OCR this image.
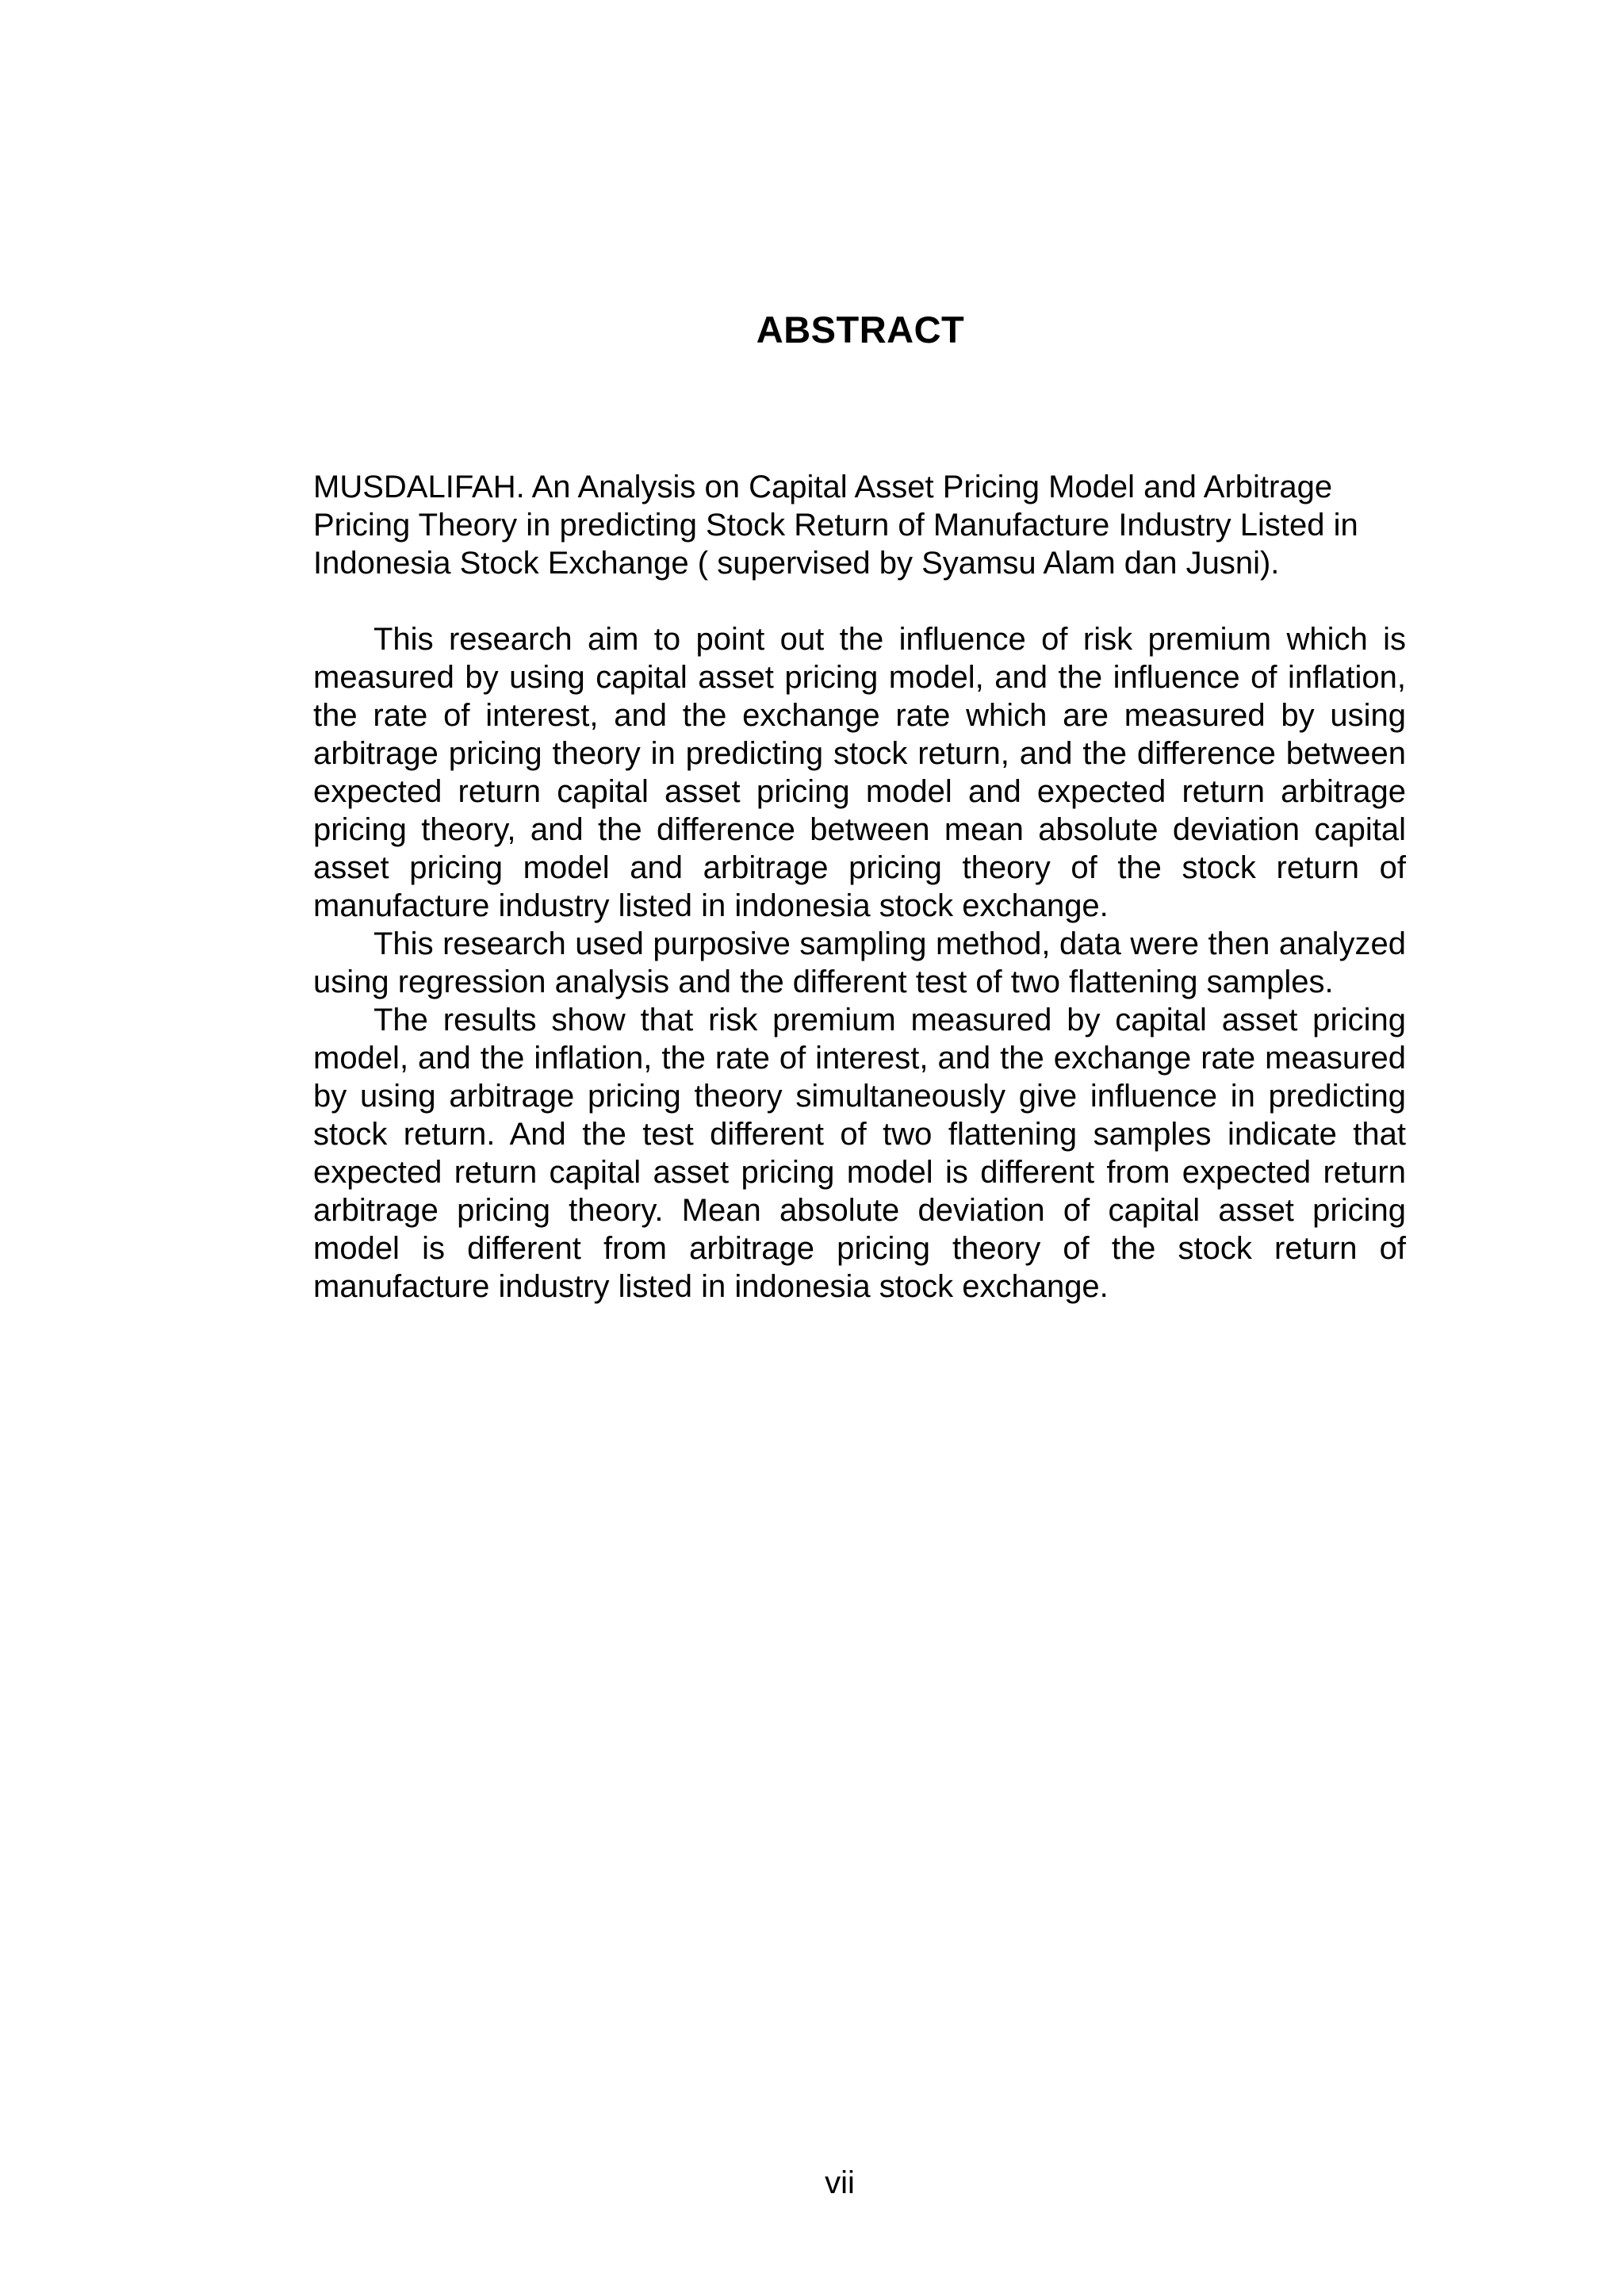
ABSTRACT

MUSDALIFAH. An Analysis on Capital Asset Pricing Model and Arbitrage Pricing Theory in predicting Stock Return of Manufacture Industry Listed in Indonesia Stock Exchange ( supervised by Syamsu Alam dan Jusni).

This research aim to point out the influence of risk premium which is measured by using capital asset pricing model, and the influence of inflation, the rate of interest, and the exchange rate which are measured by using arbitrage pricing theory in predicting stock return, and the difference between expected return capital asset pricing model and expected return arbitrage pricing theory, and the difference between mean absolute deviation capital asset pricing model and arbitrage pricing theory of the stock return of manufacture industry listed in indonesia stock exchange.

This research used purposive sampling method, data were then analyzed using regression analysis and the different test of two flattening samples.

The results show that risk premium measured by capital asset pricing model, and the inflation, the rate of interest, and the exchange rate measured by using arbitrage pricing theory simultaneously give influence in predicting stock return. And the test different of two flattening samples indicate that expected return capital asset pricing model is different from expected return arbitrage pricing theory. Mean absolute deviation of capital asset pricing model is different from arbitrage pricing theory of the stock return of manufacture industry listed in indonesia stock exchange.

vii
